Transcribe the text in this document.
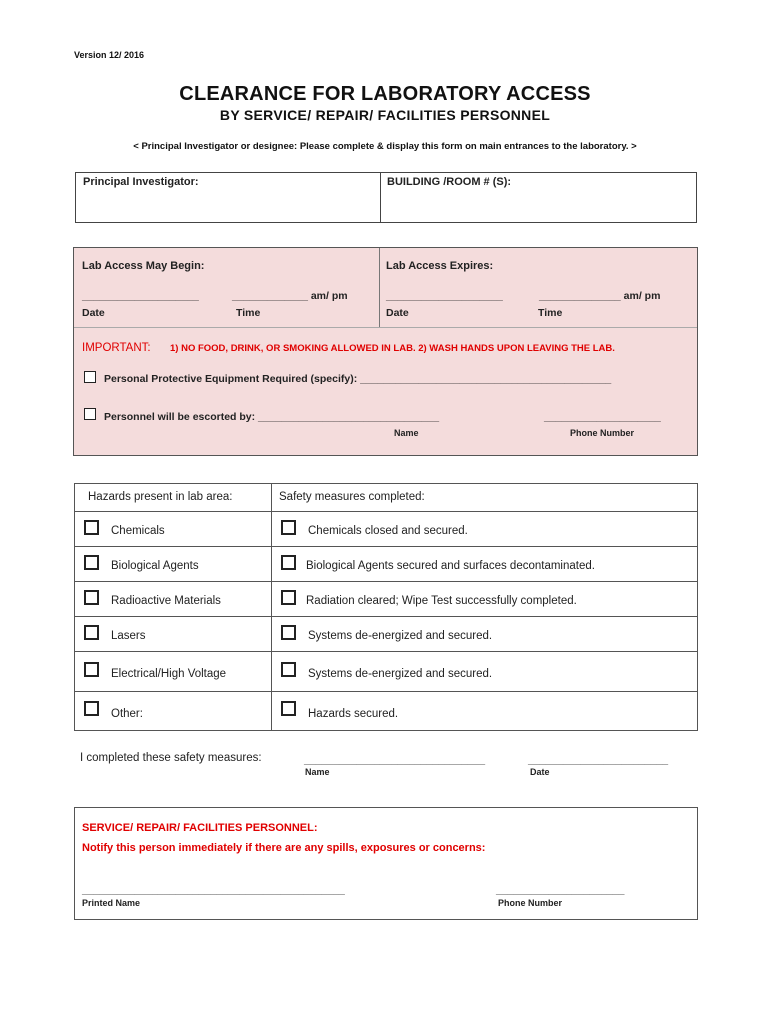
Version 12/ 2016
CLEARANCE FOR LABORATORY ACCESS
BY SERVICE/ REPAIR/ FACILITIES PERSONNEL
< Principal Investigator or designee: Please complete & display this form on main entrances to the laboratory. >
Principal Investigator:	BUILDING /ROOM # (S):
Lab Access May Begin:	Lab Access Expires:
____________________	_____________ am/ pm	____________________	______________ am/ pm
Date	Time	Date	Time
IMPORTANT: 1) NO FOOD, DRINK, OR SMOKING ALLOWED IN LAB. 2) WASH HANDS UPON LEAVING THE LAB.
Personal Protective Equipment Required (specify): ___________________________________________
Personnel will be escorted by: _______________________________	____________________
Name	Phone Number
Hazards present in lab area:	Safety measures completed:
Chemicals	Chemicals closed and secured.
Biological Agents	Biological Agents secured and surfaces decontaminated.
Radioactive Materials	Radiation cleared; Wipe Test successfully completed.
Lasers	Systems de-energized and secured.
Electrical/High Voltage	Systems de-energized and secured.
Other:	Hazards secured.
I completed these safety measures:	_______________________________	________________________
Name	Date
SERVICE/ REPAIR/ FACILITIES PERSONNEL:
Notify this person immediately if there are any spills, exposures or concerns:
_____________________________________________	______________________
Printed Name	Phone Number
